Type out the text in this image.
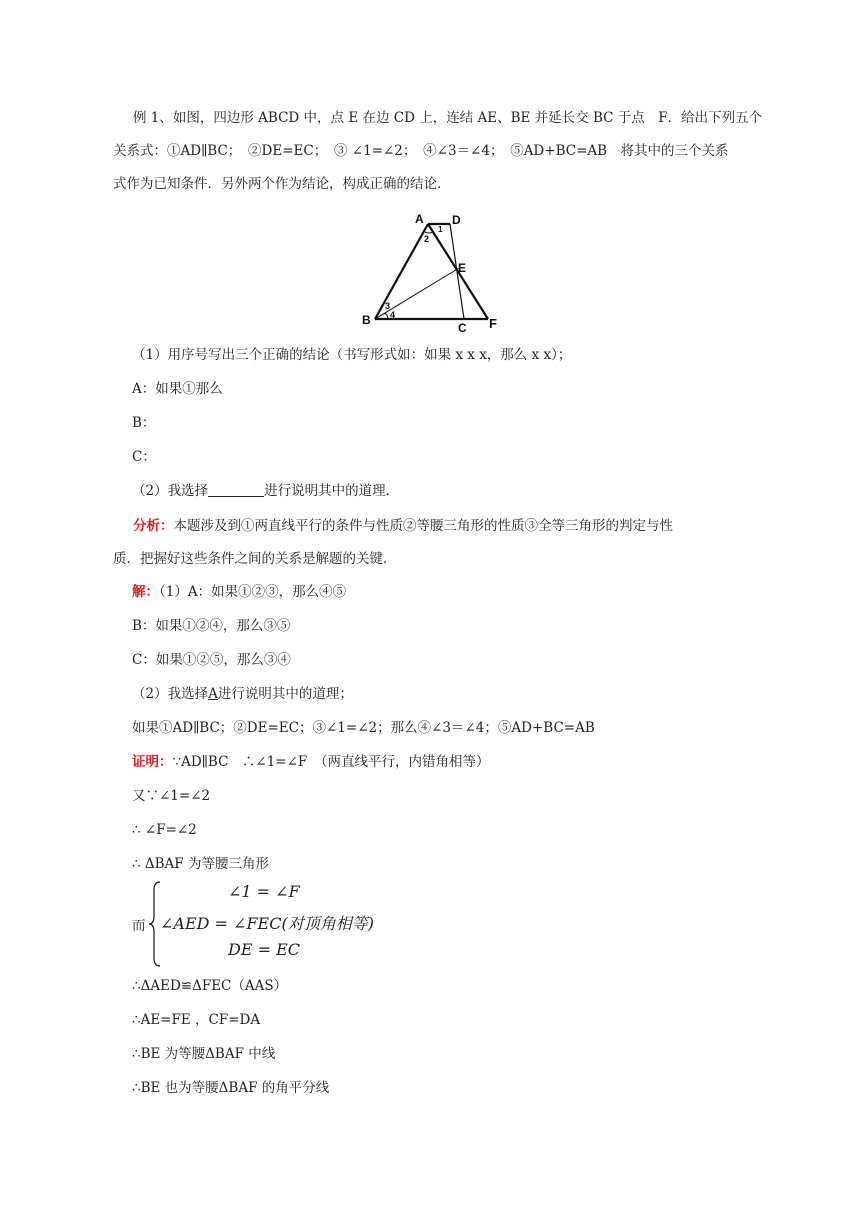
例 1、如图，四边形 ABCD 中，点 E 在边 CD 上，连结 AE、BE 并延长交 BC 于点　F．给出下列五个
关系式：①AD∥BC；　②DE=EC；　③ ∠1=∠2；　④∠3＝∠4；　⑤AD+BC=AB　将其中的三个关系
式作为已知条件．另外两个作为结论，构成正确的结论．
A D
E
B
C F
1
2
3
4
（1）用序号写出三个正确的结论（书写形式如：如果 x x x，那么 x x）；
A：如果①那么
B：
C：
（2）我选择	进行说明其中的道理．
分析：本题涉及到①两直线平行的条件与性质②等腰三角形的性质③全等三角形的判定与性
质．把握好这些条件之间的关系是解题的关键．
解：（1）A：如果①②③，那么④⑤
B：如果①②④，那么③⑤
C：如果①②⑤，那么③④
（2）我选择A进行说明其中的道理；
如果①AD∥BC；②DE=EC；③∠1=∠2；那么④∠3＝∠4；⑤AD+BC=AB
证明：∵AD∥BC　∴∠1=∠F　（两直线平行，内错角相等）
又∵∠1=∠2
∴ ∠F=∠2
∴ ΔBAF 为等腰三角形
而
∠1 = ∠F
∠AED = ∠FEC(对顶角相等)
DE = EC
∴ΔAED≌ΔFEC（AAS）
∴AE=FE ，CF=DA
∴BE 为等腰ΔBAF 中线
∴BE 也为等腰ΔBAF 的角平分线
